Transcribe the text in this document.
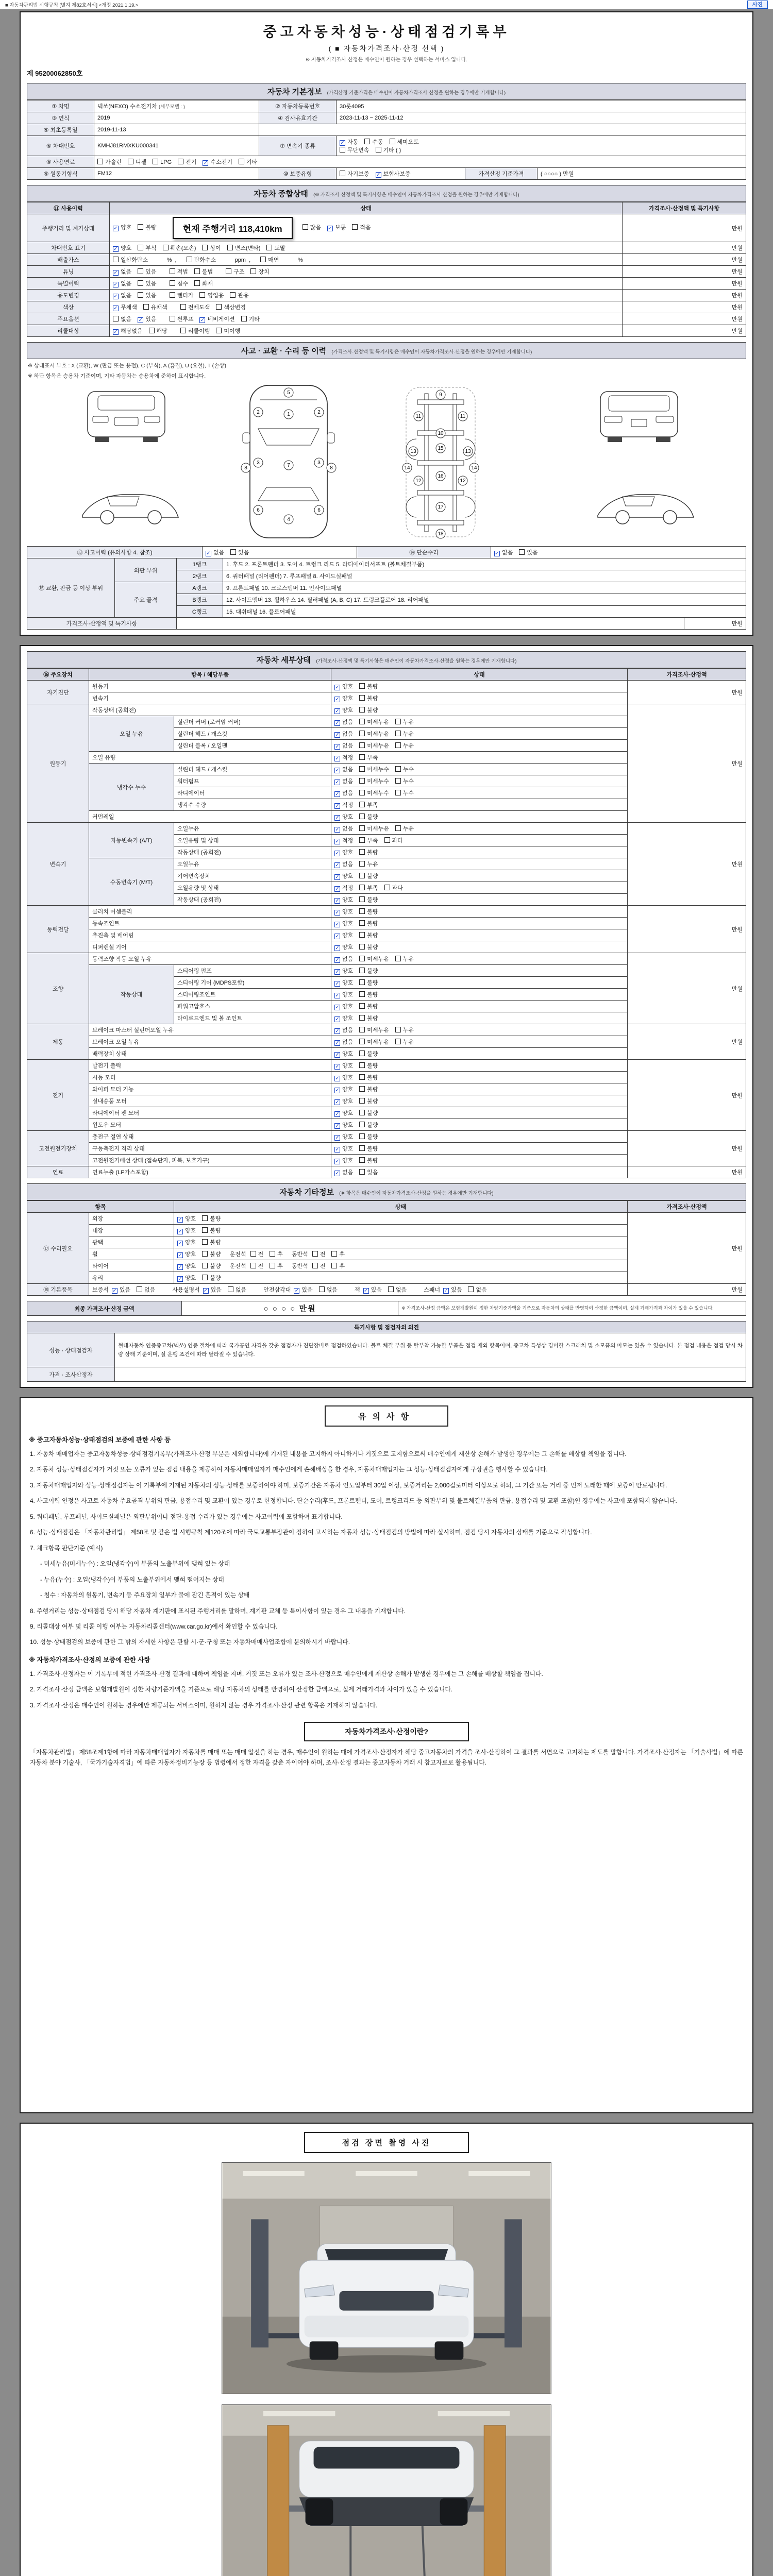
■ 자동차관리법 시행규칙 [별지 제82호서식] <개정 2021.1.19.>	사진
중고자동차성능·상태점검기록부
( ■ 자동차가격조사·산정 선택 )
※ 자동차가격조사·산정은 매수인이 원하는 경우 선택하는 서비스 입니다.
제 95200062850호
자동차 기본정보 (가격산정 기준가격은 매수인이 자동차가격조사·산정을 원하는 경우에만 기재합니다)
① 차명	넥쏘(NEXO) 수소전기차 (세부모델 : )	② 자동차등록번호	30롯4095		
③ 연식	2019	④ 검사유효기간	2023-11-13 ~ 2025-11-12		
⑤ 최초등록일	2019-11-13				
⑥ 차대번호	KMHJ81RMXKU000341	⑦ 변속기 종류	✓ 자동 수동 세미오토
무단변속 기타 ( )		

⑧ 사용연료	가솔린 디젤 LPG 전기 ✓ 수소전기 기타				
⑨ 원동기형식	FM12	⑩ 보증유형	자기보증 ✓ 보험사보증	가격산정 기준가격	( ○○○○ ) 만원
자동차 종합상태 (※ 가격조사·산정액 및 특기사항은 매수인이 자동차가격조사·산정을 원하는 경우에만 기재합니다)
⑪ 사용이력	상태	가격조사·산정액 및 특기사항
주행거리 및 계기상태	✓ 양호 불량 현재 주행거리 118,410km 많음 ✓ 보통 적음	만원
차대번호 표기	✓ 양호 부식 훼손(오손) 상이 변조(변타) 도말	만원
배출가스	일산화탄소        %  , 탄화수소        ppm  , 매연        %	만원
튜닝	✓ 없음 있음 적법 불법 구조 장치	만원
특별이력	✓ 없음 있음 침수 화재	만원
용도변경	✓ 없음 있음 렌터카 영업용 관용	만원
색상	✓ 무채색 유채색 전체도색 색상변경	만원
주요옵션	없음 ✓ 있음 썬루프 ✓ 네비게이션 기타	만원
리콜대상	✓ 해당없음 해당 리콜이행 미이행	만원
사고 · 교환 · 수리 등 이력 (가격조사·산정액 및 특기사항은 매수인이 자동차가격조사·산정을 원하는 경우에만 기재합니다)
※ 상태표시 부호 : X (교환), W (판금 또는 용접), C (부식), A (흠집), U (요철), T (손상)
※ 하단 항목은 승용차 기준이며, 기타 자동차는 승용차에 준하여 표시합니다.
5
1
2	2
3	3
7
4
6	6
8	8
9
10
11	11
13	13
12	12
14	14
15
16
17
18
⑬ 사고이력 (유의사항 4. 참조)	✓ 없음 있음	⑭ 단순수리	✓ 없음 있음
⑮ 교환, 판금 등 이상 부위	외판 부위	1랭크	1. 후드 2. 프론트펜더 3. 도어 4. 트렁크 리드 5. 라디에이터서포트 (볼트체결부품)
		2랭크	6. 쿼터패널 (리어펜더) 7. 루프패널 8. 사이드실패널
	주요 골격	A랭크	9. 프론트패널 10. 크로스멤버 11. 인사이드패널
		B랭크	12. 사이드멤버 13. 휠하우스 14. 필러패널 (A, B, C) 17. 트렁크플로어 18. 리어패널
		C랭크	15. 대쉬패널 16. 플로어패널
가격조사·산정액 및 특기사항		만원
자동차 세부상태 (가격조사·산정액 및 특기사항은 매수인이 자동차가격조사·산정을 원하는 경우에만 기재합니다)
⑯ 주요장치	항목 / 해당부품		상태	가격조사·산정액
자기진단	원동기		✓ 양호 불량	만원
	변속기		✓ 양호 불량	
원동기	작동상태 (공회전)		✓ 양호 불량	만원
	오일 누유	실린더 커버 (로커암 커버)	✓ 없음 미세누유 누유	
		실린더 헤드 / 개스킷	✓ 없음 미세누유 누유	
		실린더 블록 / 오일팬	✓ 없음 미세누유 누유	
	오일 유량		✓ 적정 부족	
	냉각수 누수	실린더 헤드 / 개스킷	✓ 없음 미세누수 누수	
		워터펌프	✓ 없음 미세누수 누수	
		라디에이터	✓ 없음 미세누수 누수	
		냉각수 수량	✓ 적정 부족	
	커먼레일		✓ 양호 불량	
변속기	자동변속기 (A/T)	오일누유	✓ 없음 미세누유 누유	만원
		오일유량 및 상태	✓ 적정 부족 과다	
		작동상태 (공회전)	✓ 양호 불량	
	수동변속기 (M/T)	오일누유	✓ 없음 누유	
		기어변속장치	✓ 양호 불량	
		오일유량 및 상태	✓ 적정 부족 과다	
		작동상태 (공회전)	✓ 양호 불량	
동력전달	클러치 어셈블리		✓ 양호 불량	만원
	등속조인트		✓ 양호 불량	
	추진축 및 베어링		✓ 양호 불량	
	디퍼렌셜 기어		✓ 양호 불량	
조향	동력조향 작동 오일 누유		✓ 없음 미세누유 누유	만원
	작동상태	스티어링 펌프	✓ 양호 불량	
		스티어링 기어 (MDPS포함)	✓ 양호 불량	
		스티어링조인트	✓ 양호 불량	
		파워고압호스	✓ 양호 불량	
		타이로드엔드 및 볼 조인트	✓ 양호 불량	
제동	브레이크 마스터 실린더오일 누유		✓ 없음 미세누유 누유	만원
	브레이크 오일 누유		✓ 없음 미세누유 누유	
	배력장치 상태		✓ 양호 불량	
전기	발전기 출력		✓ 양호 불량	만원
	시동 모터		✓ 양호 불량	
	와이퍼 모터 기능		✓ 양호 불량	
	실내송풍 모터		✓ 양호 불량	
	라디에이터 팬 모터		✓ 양호 불량	
	윈도우 모터		✓ 양호 불량	
고전원전기장치	충전구 절연 상태		✓ 양호 불량	만원
	구동축전지 격리 상태		✓ 양호 불량	
	고전원전기배선 상태 (접속단자, 피복, 보호기구)		✓ 양호 불량	
연료	연료누출 (LP가스포함)		✓ 없음 있음	만원
자동차 기타정보 (※ 항목은 매수인이 자동차가격조사·산정을 원하는 경우에만 기재합니다)
항목		상태	가격조사·산정액
⑰ 수리필요	외장	✓ 양호 불량	만원
	내장	✓ 양호 불량	
	광택	✓ 양호 불량	
	휠	✓ 양호 불량 운전석 전 후 동반석 전 후	
	타이어	✓ 양호 불량 운전석 전 후 동반석 전 후	
	유리	✓ 양호 불량	
⑱ 기본품목	보증서 ✓ 있음 없음 사용설명서 ✓ 있음 없음 안전삼각대 ✓ 있음 없음 잭 ✓ 있음 없음 스패너 ✓ 있음 없음		만원
최종 가격조사·산정 금액	○ ○ ○ ○ 만원	※ 가격조사·산정 금액은 보험개발원이 정한 차량기준가액을 기준으로 자동차의 상태를 반영하여 산정한 금액이며, 실제 거래가격과 차이가 있을 수 있습니다.
특기사항 및 점검자의 의견	
성능 · 상태점검자	현대자동차 인증중고차(넥쏘) 인증 절차에 따라 국가공인 자격을 갖춘 점검자가 진단장비로 점검하였습니다. 볼트 체결 부위 등 탈부착 가능한 부품은 점검 제외 항목이며, 중고차 특성상 경미한 스크래치 및 소모품의 마모는 있을 수 있습니다. 본 점검 내용은 점검 당시 차량 상태 기준이며, 실 운행 조건에 따라 달라질 수 있습니다.
가격 · 조사산정자	
유의사항
※ 중고자동차성능·상태점검의 보증에 관한 사항 등

1. 자동차 매매업자는 중고자동차성능·상태점검기록부(가격조사·산정 부분은 제외합니다)에 기재된 내용을 고지하지 아니하거나 거짓으로 고지함으로써 매수인에게 재산상 손해가 발생한 경우에는 그 손해를 배상할 책임을 집니다.

2. 자동차 성능·상태점검자가 거짓 또는 오류가 있는 점검 내용을 제공하여 자동차매매업자가 매수인에게 손해배상을 한 경우, 자동차매매업자는 그 성능·상태점검자에게 구상권을 행사할 수 있습니다.

3. 자동차매매업자와 성능·상태점검자는 이 기록부에 기재된 자동차의 성능·상태를 보증하여야 하며, 보증기간은 자동차 인도일부터 30일 이상, 보증거리는 2,000킬로미터 이상으로 하되, 그 기간 또는 거리 중 먼저 도래한 때에 보증이 만료됩니다.

4. 사고이력 인정은 사고로 자동차 주요골격 부위의 판금, 용접수리 및 교환이 있는 경우로 한정합니다. 단순수리(후드, 프론트펜더, 도어, 트렁크리드 등 외판부위 및 볼트체결부품의 판금, 용접수리 및 교환 포함)인 경우에는 사고에 포함되지 않습니다.

5. 쿼터패널, 루프패널, 사이드실패널은 외판부위이나 절단·용접 수리가 있는 경우에는 사고이력에 포함하여 표기합니다.

6. 성능·상태점검은 「자동차관리법」 제58조 및 같은 법 시행규칙 제120조에 따라 국토교통부장관이 정하여 고시하는 자동차 성능·상태점검의 방법에 따라 실시하며, 점검 당시 자동차의 상태를 기준으로 작성합니다.

7. 체크항목 판단기준 (예시)

- 미세누유(미세누수) : 오일(냉각수)이 부품의 노출부위에 맺혀 있는 상태

- 누유(누수) : 오일(냉각수)이 부품의 노출부위에서 맺혀 떨어지는 상태

- 침수 : 자동차의 원동기, 변속기 등 주요장치 일부가 물에 잠긴 흔적이 있는 상태

8. 주행거리는 성능·상태점검 당시 해당 자동차 계기판에 표시된 주행거리를 말하며, 계기판 교체 등 특이사항이 있는 경우 그 내용을 기재합니다.

9. 리콜대상 여부 및 리콜 이행 여부는 자동차리콜센터(www.car.go.kr)에서 확인할 수 있습니다.

10. 성능·상태점검의 보증에 관한 그 밖의 자세한 사항은 관할 시·군·구청 또는 자동차매매사업조합에 문의하시기 바랍니다.

※ 자동차가격조사·산정의 보증에 관한 사항

1. 가격조사·산정자는 이 기록부에 적힌 가격조사·산정 결과에 대하여 책임을 지며, 거짓 또는 오류가 있는 조사·산정으로 매수인에게 재산상 손해가 발생한 경우에는 그 손해를 배상할 책임을 집니다.

2. 가격조사·산정 금액은 보험개발원이 정한 차량기준가액을 기준으로 해당 자동차의 상태를 반영하여 산정한 금액으로, 실제 거래가격과 차이가 있을 수 있습니다.

3. 가격조사·산정은 매수인이 원하는 경우에만 제공되는 서비스이며, 원하지 않는 경우 가격조사·산정 관련 항목은 기재하지 않습니다.

자동차가격조사·산정이란?

「자동차관리법」 제58조제1항에 따라 자동차매매업자가 자동차를 매매 또는 매매 알선을 하는 경우, 매수인이 원하는 때에 가격조사·산정자가 해당 중고자동차의 가격을 조사·산정하여 그 결과를 서면으로 고지하는 제도를 말합니다. 가격조사·산정자는 「기술사법」에 따른 자동차 분야 기술사, 「국가기술자격법」에 따른 자동차정비기능장 등 법령에서 정한 자격을 갖춘 자이어야 하며, 조사·산정 결과는 중고자동차 거래 시 참고자료로 활용됩니다.

점검 장면 촬영 사진
